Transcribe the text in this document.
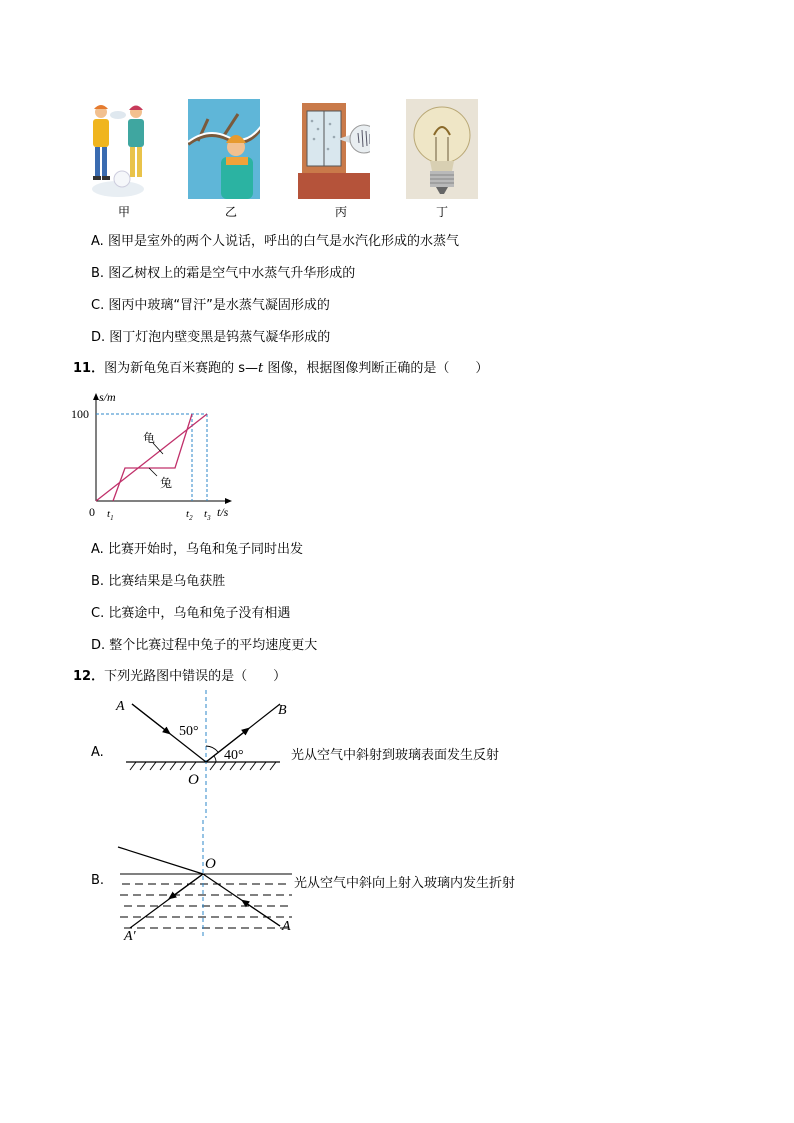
甲	乙	丙	丁
A. 图甲是室外的两个人说话，呼出的白气是水汽化形成的水蒸气
B. 图乙树杈上的霜是空气中水蒸气升华形成的
C. 图丙中玻璃“冒汗”是水蒸气凝固形成的
D. 图丁灯泡内壁变黑是钨蒸气凝华形成的
11．图为新龟兔百米赛跑的 s—t 图像，根据图像判断正确的是（　　）
s/m
100
0 $t_1$	$t_2$ $t_3$ t/s
龟
兔
A. 比赛开始时，乌龟和兔子同时出发
B. 比赛结果是乌龟获胜
C. 比赛途中，乌龟和兔子没有相遇
D. 整个比赛过程中兔子的平均速度更大
12．下列光路图中错误的是（　　）
A.
A	B
O
50°
40°	光从空气中斜射到玻璃表面发生反射
B.
O
A
A′
光从空气中斜向上射入玻璃内发生折射
